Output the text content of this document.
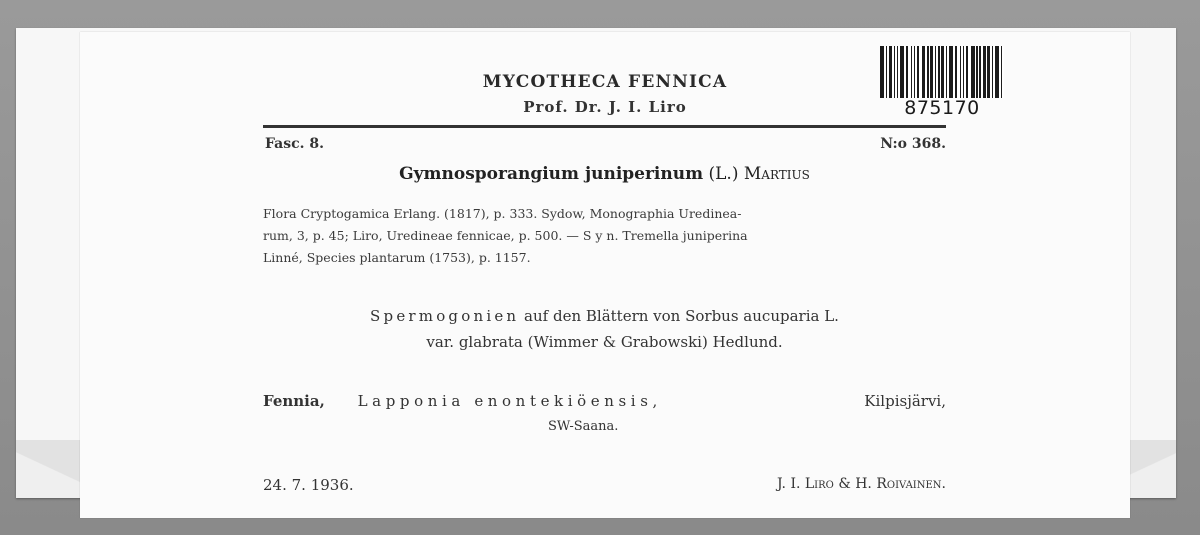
MYCOTHECA FENNICA
Prof. Dr. J. I. Liro	875170
Fasc. 8.	N:o 368.
Gymnosporangium juniperinum (L.) Martius

Flora Cryptogamica Erlang. (1817), p. 333. Sydow, Monographia Uredinea-

rum, 3, p. 45; Liro, Uredineae fennicae, p. 500. — S y n. Tremella juniperina

Linné, Species plantarum (1753), p. 1157.

Spermogonien auf den Blättern von Sorbus aucuparia L.

var. glabrata (Wimmer & Grabowski) Hedlund.

Fennia, Lapponia enontekiöensis,	Kilpisjärvi,

SW-Saana.

24. 7. 1936.	J. I. Liro & H. Roivainen.
